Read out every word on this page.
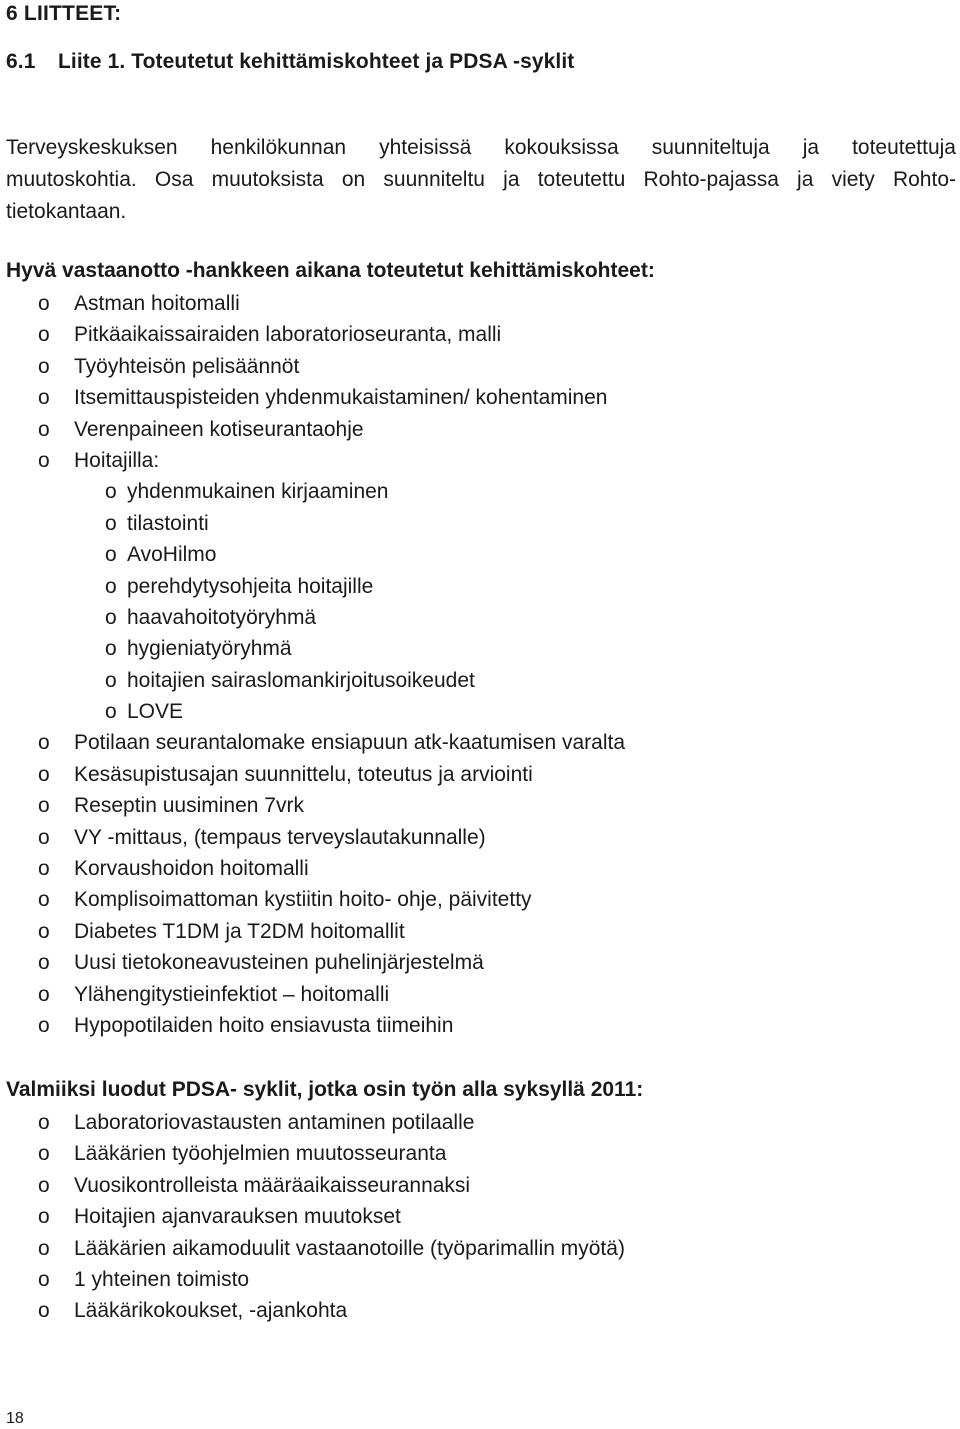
6 LIITTEET:
6.1 Liite 1. Toteutetut kehittämiskohteet ja PDSA -syklit
Terveyskeskuksen henkilökunnan yhteisissä kokouksissa suunniteltuja ja toteutettuja
muutoskohtia. Osa muutoksista on suunniteltu ja toteutettu Rohto-pajassa ja viety Rohto-
tietokantaan.
Hyvä vastaanotto -hankkeen aikana toteutetut kehittämiskohteet:
o Astman hoitomalli
o Pitkäaikaissairaiden laboratorioseuranta, malli
o Työyhteisön pelisäännöt
o Itsemittauspisteiden yhdenmukaistaminen/ kohentaminen
o Verenpaineen kotiseurantaohje
o Hoitajilla:
o yhdenmukainen kirjaaminen
o tilastointi
o AvoHilmo
o perehdytysohjeita hoitajille
o haavahoitotyöryhmä
o hygieniatyöryhmä
o hoitajien sairaslomankirjoitusoikeudet
o LOVE
o Potilaan seurantalomake ensiapuun atk-kaatumisen varalta
o Kesäsupistusajan suunnittelu, toteutus ja arviointi
o Reseptin uusiminen 7vrk
o VY -mittaus, (tempaus terveyslautakunnalle)
o Korvaushoidon hoitomalli
o Komplisoimattoman kystiitin hoito- ohje, päivitetty
o Diabetes T1DM ja T2DM hoitomallit
o Uusi tietokoneavusteinen puhelinjärjestelmä
o Ylähengitystieinfektiot – hoitomalli
o Hypopotilaiden hoito ensiavusta tiimeihin
Valmiiksi luodut PDSA- syklit, jotka osin työn alla syksyllä 2011:
o Laboratoriovastausten antaminen potilaalle
o Lääkärien työohjelmien muutosseuranta
o Vuosikontrolleista määräaikaisseurannaksi
o Hoitajien ajanvarauksen muutokset
o Lääkärien aikamoduulit vastaanotoille (työparimallin myötä)
o 1 yhteinen toimisto
o Lääkärikokoukset, -ajankohta
18
